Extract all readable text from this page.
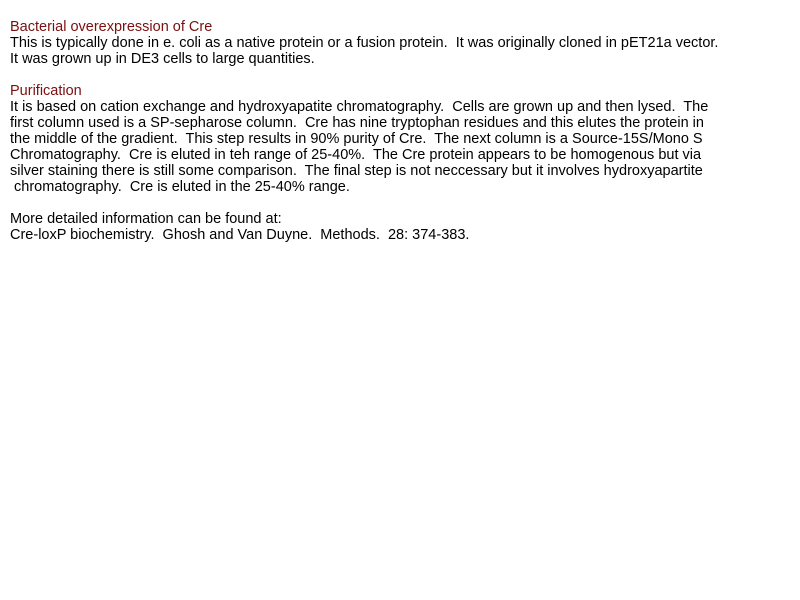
Bacterial overexpression of Cre
This is typically done in e. coli as a native protein or a fusion protein.  It was originally cloned in pET21a vector.
It was grown up in DE3 cells to large quantities.
Purification
It is based on cation exchange and hydroxyapatite chromatography.  Cells are grown up and then lysed.  The
first column used is a SP-sepharose column.  Cre has nine tryptophan residues and this elutes the protein in
the middle of the gradient.  This step results in 90% purity of Cre.  The next column is a Source-15S/Mono S
Chromatography.  Cre is eluted in teh range of 25-40%.  The Cre protein appears to be homogenous but via
silver staining there is still some comparison.  The final step is not neccessary but it involves hydroxyapartite
chromatography.  Cre is eluted in the 25-40% range.
More detailed information can be found at:
Cre-loxP biochemistry.  Ghosh and Van Duyne.  Methods.  28: 374-383.
